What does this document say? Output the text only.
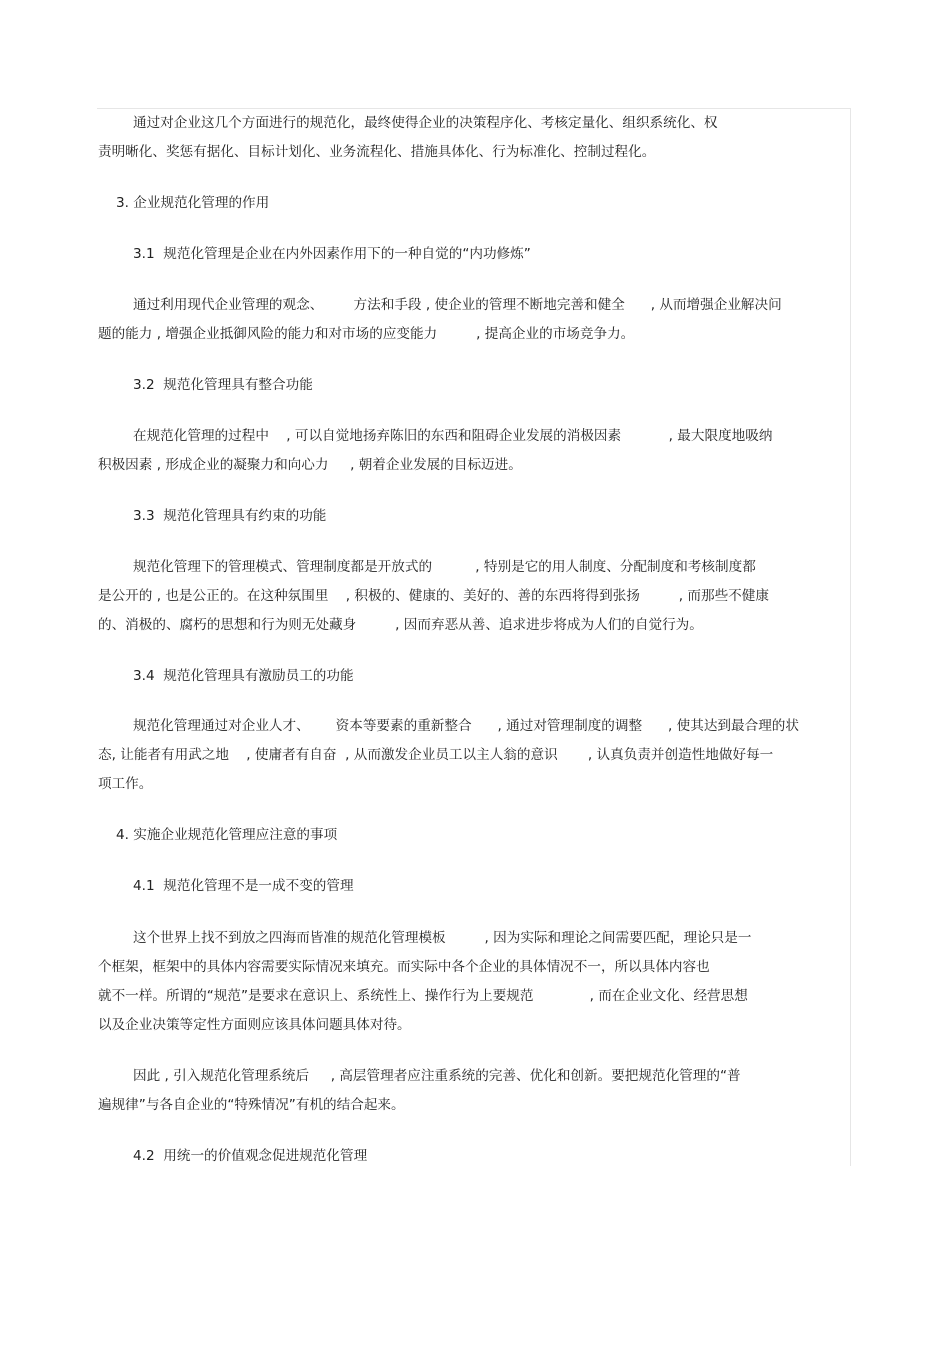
通过对企业这几个方面进行的规范化，最终使得企业的决策程序化、考核定量化、组织系统化、权
责明晰化、奖惩有据化、目标计划化、业务流程化、措施具体化、行为标准化、控制过程化。
3. 企业规范化管理的作用
3.1  规范化管理是企业在内外因素作用下的一种自觉的“内功修炼”
通过利用现代企业管理的观念、       方法和手段 , 使企业的管理不断地完善和健全      , 从而增强企业解决问
题的能力 , 增强企业抵御风险的能力和对市场的应变能力         , 提高企业的市场竞争力。
3.2  规范化管理具有整合功能
在规范化管理的过程中    , 可以自觉地扬弃陈旧的东西和阻碍企业发展的消极因素           , 最大限度地吸纳
积极因素 , 形成企业的凝聚力和向心力     , 朝着企业发展的目标迈进。
3.3  规范化管理具有约束的功能
规范化管理下的管理模式、管理制度都是开放式的          , 特别是它的用人制度、分配制度和考核制度都
是公开的 , 也是公正的。在这种氛围里    , 积极的、健康的、美好的、善的东西将得到张扬         , 而那些不健康
的、消极的、腐朽的思想和行为则无处藏身         , 因而弃恶从善、追求进步将成为人们的自觉行为。
3.4  规范化管理具有激励员工的功能
规范化管理通过对企业人才、      资本等要素的重新整合      , 通过对管理制度的调整      , 使其达到最合理的状
态, 让能者有用武之地    , 使庸者有自奋  , 从而激发企业员工以主人翁的意识       , 认真负责并创造性地做好每一
项工作。
4. 实施企业规范化管理应注意的事项
4.1  规范化管理不是一成不变的管理
这个世界上找不到放之四海而皆准的规范化管理模板         , 因为实际和理论之间需要匹配，理论只是一
个框架，框架中的具体内容需要实际情况来填充。而实际中各个企业的具体情况不一，所以具体内容也
就不一样。所谓的“规范”是要求在意识上、系统性上、操作行为上要规范             , 而在企业文化、经营思想
以及企业决策等定性方面则应该具体问题具体对待。
因此 , 引入规范化管理系统后     , 高层管理者应注重系统的完善、优化和创新。要把规范化管理的“普
遍规律”与各自企业的“特殊情况”有机的结合起来。
4.2  用统一的价值观念促进规范化管理
